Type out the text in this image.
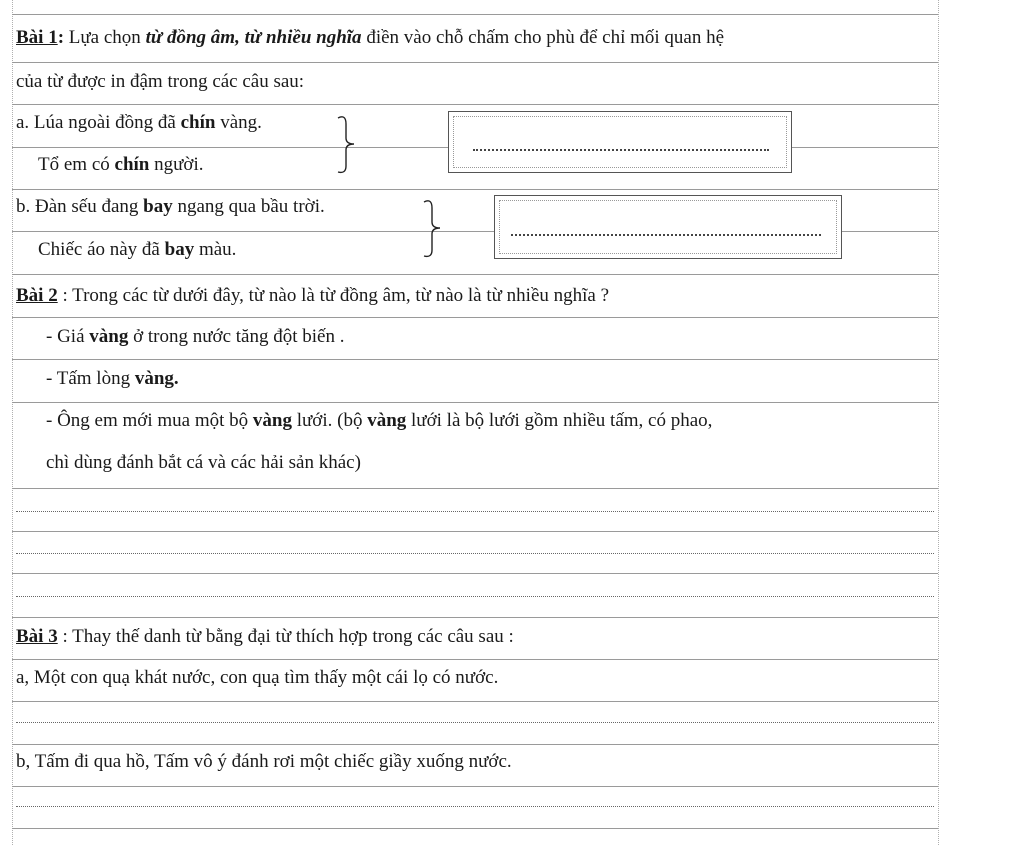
Bài 1: Lựa chọn từ đồng âm, từ nhiều nghĩa điền vào chỗ chấm cho phù để chỉ mối quan hệ
của từ được in đậm trong các câu sau:
a. Lúa ngoài đồng đã chín vàng.
Tổ em có chín người.
b. Đàn sếu đang bay ngang qua bầu trời.
Chiếc áo này đã bay màu.
Bài 2 : Trong các từ dưới đây, từ nào là từ đồng âm, từ nào là từ nhiều nghĩa ?
- Giá vàng ở trong nước tăng đột biến .
- Tấm lòng vàng.
- Ông em mới mua một bộ vàng lưới. (bộ vàng lưới là bộ lưới gồm nhiều tấm, có phao,
chì dùng đánh bắt cá và các hải sản khác)
Bài 3 : Thay thế danh từ bằng đại từ thích hợp trong các câu sau :
a, Một con quạ khát nước, con quạ tìm thấy một cái lọ có nước.
b, Tấm đi qua hồ, Tấm vô ý đánh rơi một chiếc giầy xuống nước.
